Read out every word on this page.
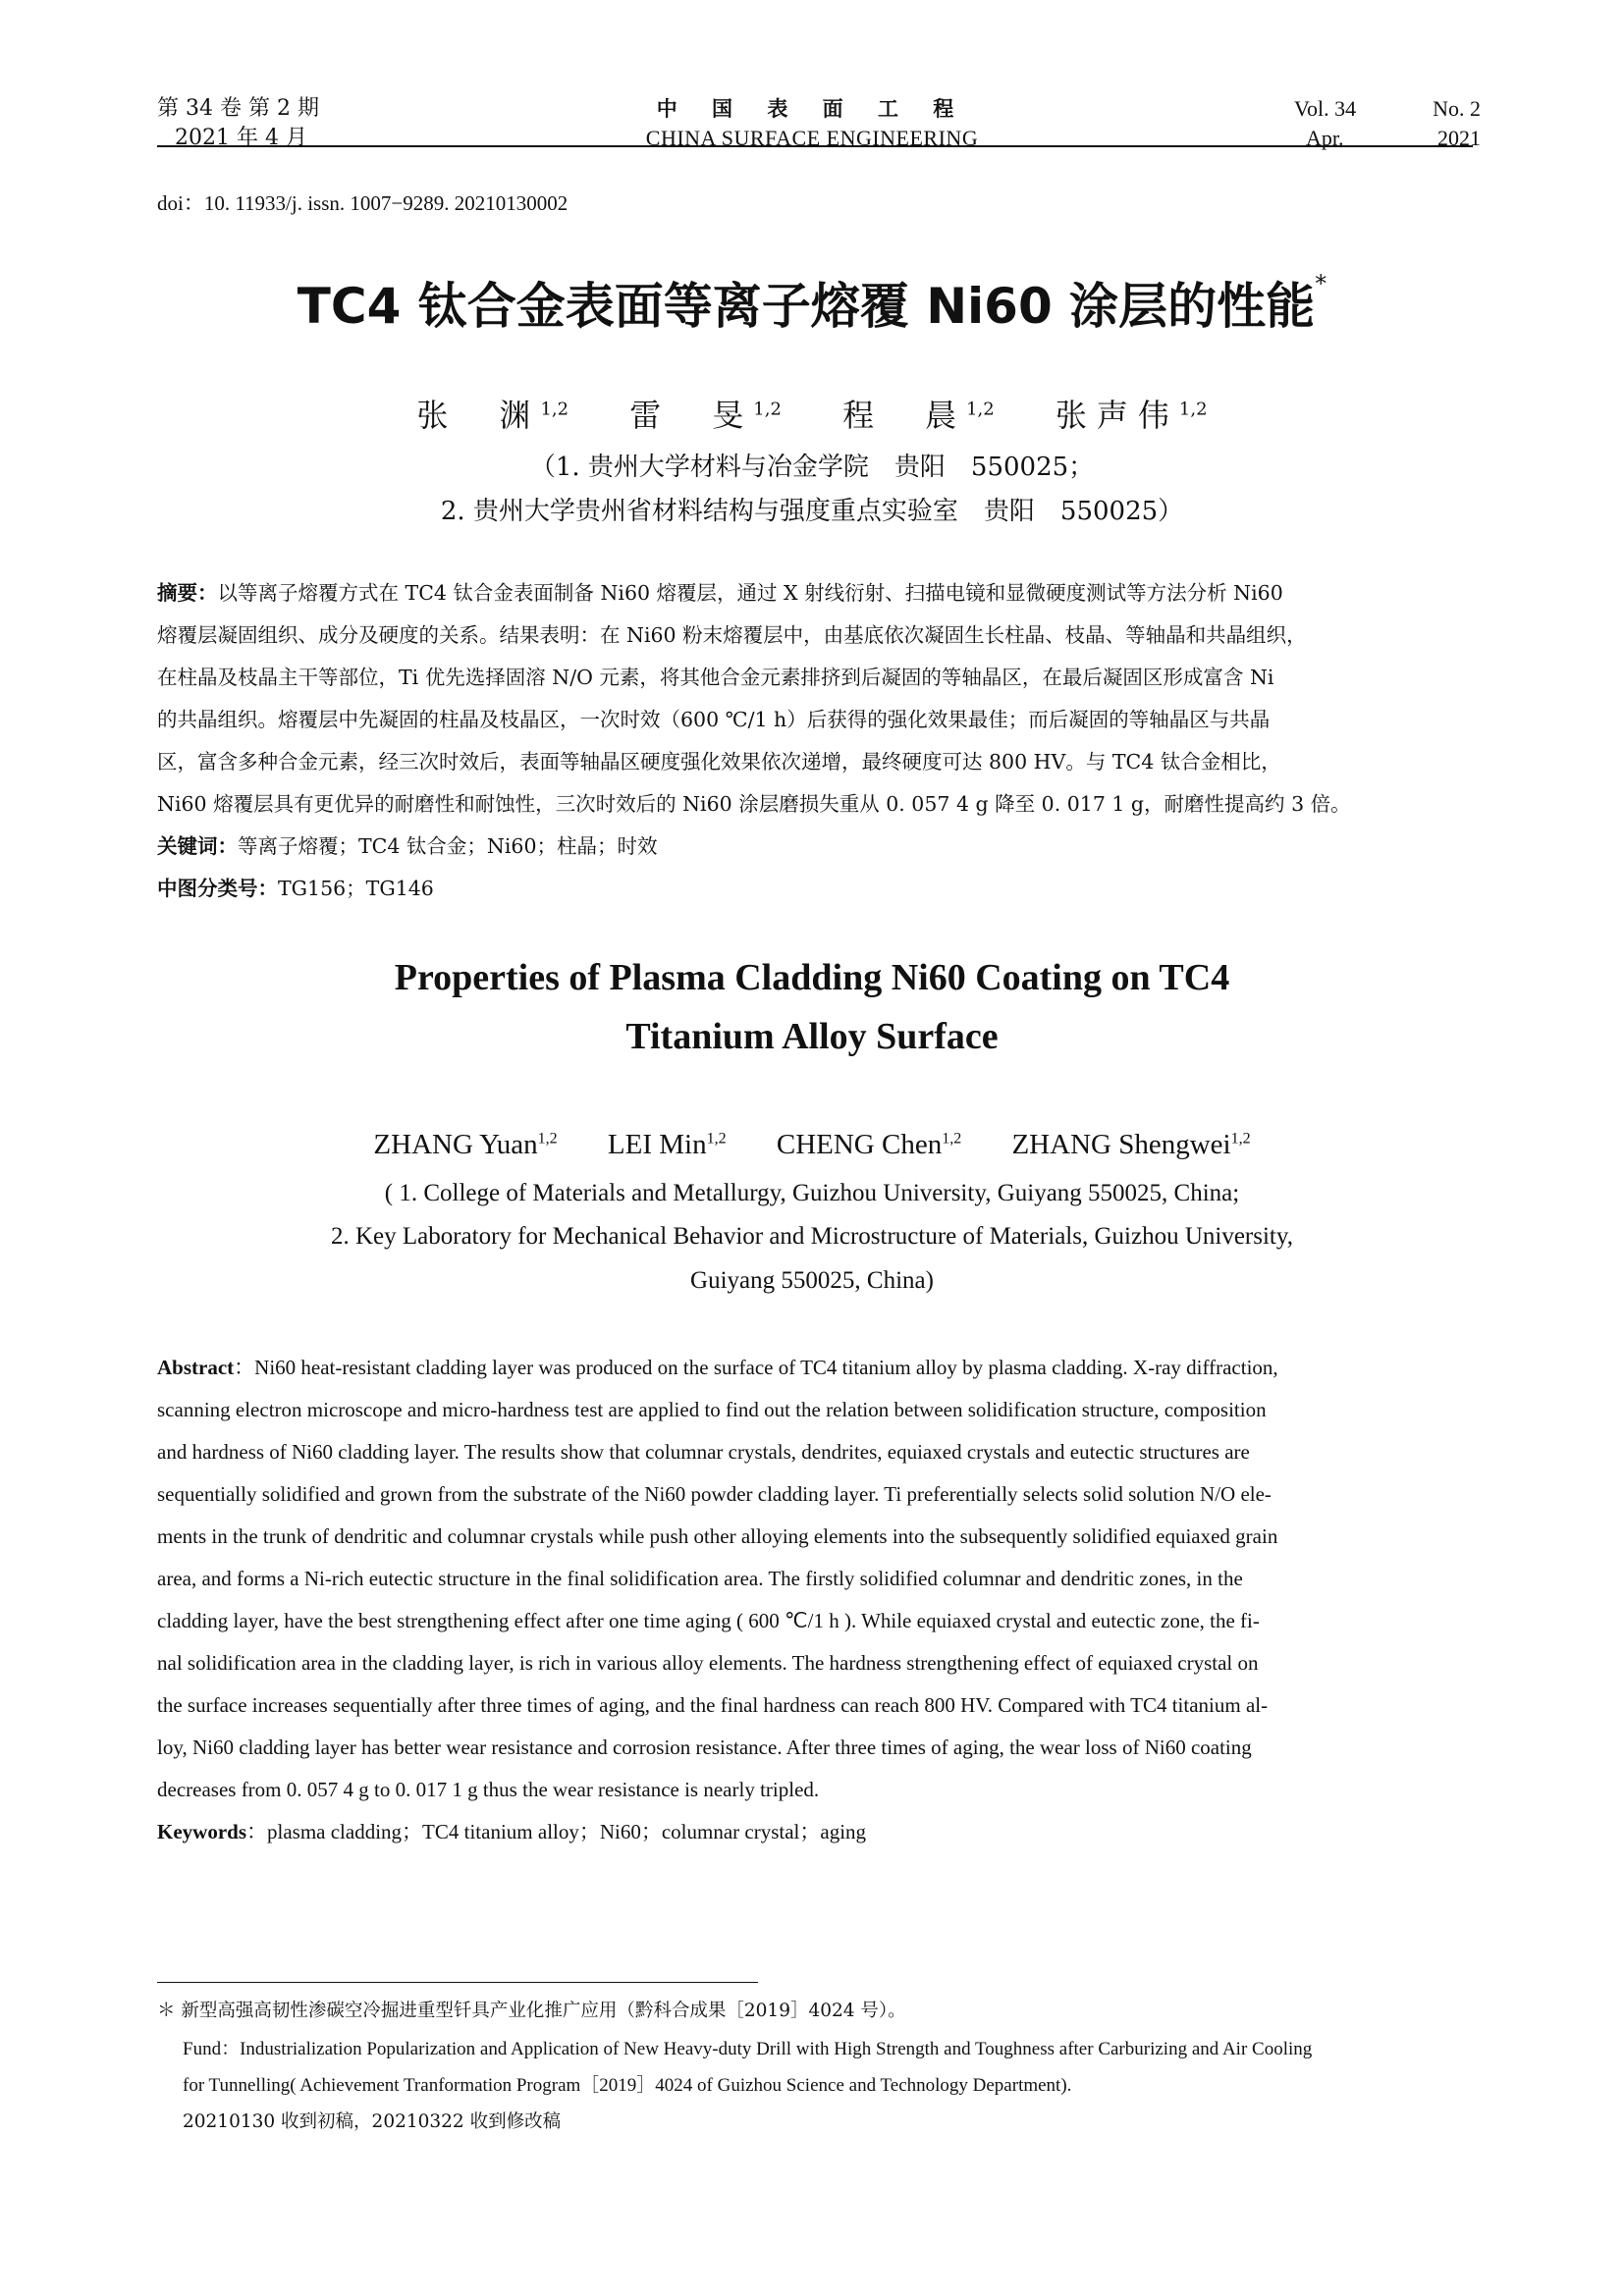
第 34 卷 第 2 期
2021 年 4 月
中 国 表 面 工 程
CHINA SURFACE ENGINEERING
Vol. 34	No. 2
Apr.	2021
doi：10. 11933/j. issn. 1007−9289. 20210130002
TC4 钛合金表面等离子熔覆 Ni60 涂层的性能*
张　渊$^{1,2}$ 雷　旻$^{1,2}$ 程　晨$^{1,2}$ 张声伟$^{1,2}$
（1. 贵州大学材料与冶金学院　贵阳　550025；
2. 贵州大学贵州省材料结构与强度重点实验室　贵阳　550025）
摘要：以等离子熔覆方式在 TC4 钛合金表面制备 Ni60 熔覆层，通过 X 射线衍射、扫描电镜和显微硬度测试等方法分析 Ni60
熔覆层凝固组织、成分及硬度的关系。结果表明：在 Ni60 粉末熔覆层中，由基底依次凝固生长柱晶、枝晶、等轴晶和共晶组织，
在柱晶及枝晶主干等部位，Ti 优先选择固溶 N/O 元素，将其他合金元素排挤到后凝固的等轴晶区，在最后凝固区形成富含 Ni
的共晶组织。熔覆层中先凝固的柱晶及枝晶区，一次时效（600 ℃/1 h）后获得的强化效果最佳；而后凝固的等轴晶区与共晶
区，富含多种合金元素，经三次时效后，表面等轴晶区硬度强化效果依次递增，最终硬度可达 800 HV。与 TC4 钛合金相比，
Ni60 熔覆层具有更优异的耐磨性和耐蚀性，三次时效后的 Ni60 涂层磨损失重从 0. 057 4 g 降至 0. 017 1 g，耐磨性提高约 3 倍。
关键词：等离子熔覆；TC4 钛合金；Ni60；柱晶；时效
中图分类号：TG156；TG146
Properties of Plasma Cladding Ni60 Coating on TC4
Titanium Alloy Surface
ZHANG Yuan$^{1,2}$ LEI Min$^{1,2}$ CHENG Chen$^{1,2}$ ZHANG Shengwei$^{1,2}$
( 1. College of Materials and Metallurgy, Guizhou University, Guiyang 550025, China;
2. Key Laboratory for Mechanical Behavior and Microstructure of Materials, Guizhou University,
Guiyang 550025, China)
Abstract：Ni60 heat-resistant cladding layer was produced on the surface of TC4 titanium alloy by plasma cladding. X-ray diffraction,
scanning electron microscope and micro-hardness test are applied to find out the relation between solidification structure, composition
and hardness of Ni60 cladding layer. The results show that columnar crystals, dendrites, equiaxed crystals and eutectic structures are
sequentially solidified and grown from the substrate of the Ni60 powder cladding layer. Ti preferentially selects solid solution N/O ele-
ments in the trunk of dendritic and columnar crystals while push other alloying elements into the subsequently solidified equiaxed grain
area, and forms a Ni-rich eutectic structure in the final solidification area. The firstly solidified columnar and dendritic zones, in the
cladding layer, have the best strengthening effect after one time aging ( 600 ℃/1 h ). While equiaxed crystal and eutectic zone, the fi-
nal solidification area in the cladding layer, is rich in various alloy elements. The hardness strengthening effect of equiaxed crystal on
the surface increases sequentially after three times of aging, and the final hardness can reach 800 HV. Compared with TC4 titanium al-
loy, Ni60 cladding layer has better wear resistance and corrosion resistance. After three times of aging, the wear loss of Ni60 coating
decreases from 0. 057 4 g to 0. 017 1 g thus the wear resistance is nearly tripled.
Keywords：plasma cladding；TC4 titanium alloy；Ni60；columnar crystal；aging
＊ 新型高强高韧性渗碳空冷掘进重型钎具产业化推广应用（黔科合成果［2019］4024 号）。
Fund：Industrialization Popularization and Application of New Heavy-duty Drill with High Strength and Toughness after Carburizing and Air Cooling
for Tunnelling( Achievement Tranformation Program［2019］4024 of Guizhou Science and Technology Department).
20210130 收到初稿，20210322 收到修改稿
